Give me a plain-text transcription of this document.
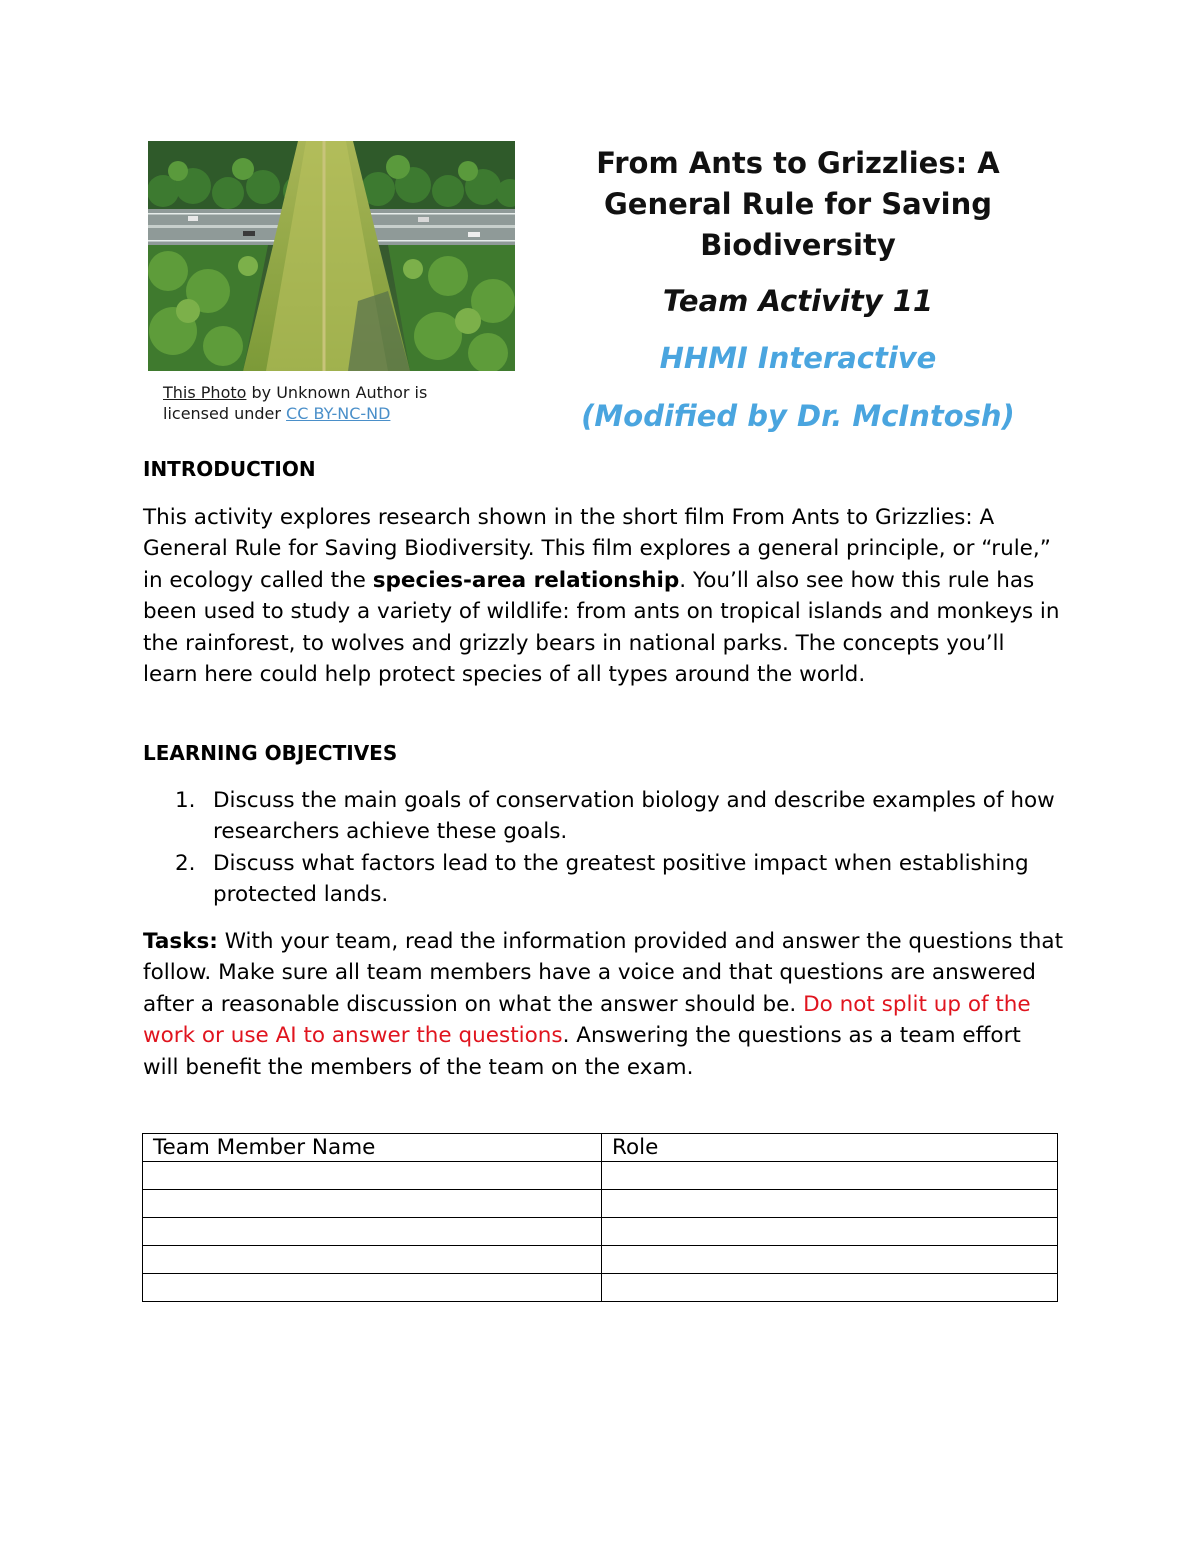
This Photo by Unknown Author is licensed under CC BY-NC-ND
From Ants to Grizzlies: A General Rule for Saving Biodiversity
Team Activity 11
HHMI Interactive
(Modified by Dr. McIntosh)
INTRODUCTION
This activity explores research shown in the short film From Ants to Grizzlies: A General Rule for Saving Biodiversity. This film explores a general principle, or “rule,” in ecology called the species-area relationship. You’ll also see how this rule has been used to study a variety of wildlife: from ants on tropical islands and monkeys in the rainforest, to wolves and grizzly bears in national parks. The concepts you’ll learn here could help protect species of all types around the world.
LEARNING OBJECTIVES
1. Discuss the main goals of conservation biology and describe examples of how researchers achieve these goals.
2. Discuss what factors lead to the greatest positive impact when establishing protected lands.
Tasks: With your team, read the information provided and answer the questions that follow. Make sure all team members have a voice and that questions are answered after a reasonable discussion on what the answer should be. Do not split up of the work or use AI to answer the questions. Answering the questions as a team effort will benefit the members of the team on the exam.
Team Member Name	Role
